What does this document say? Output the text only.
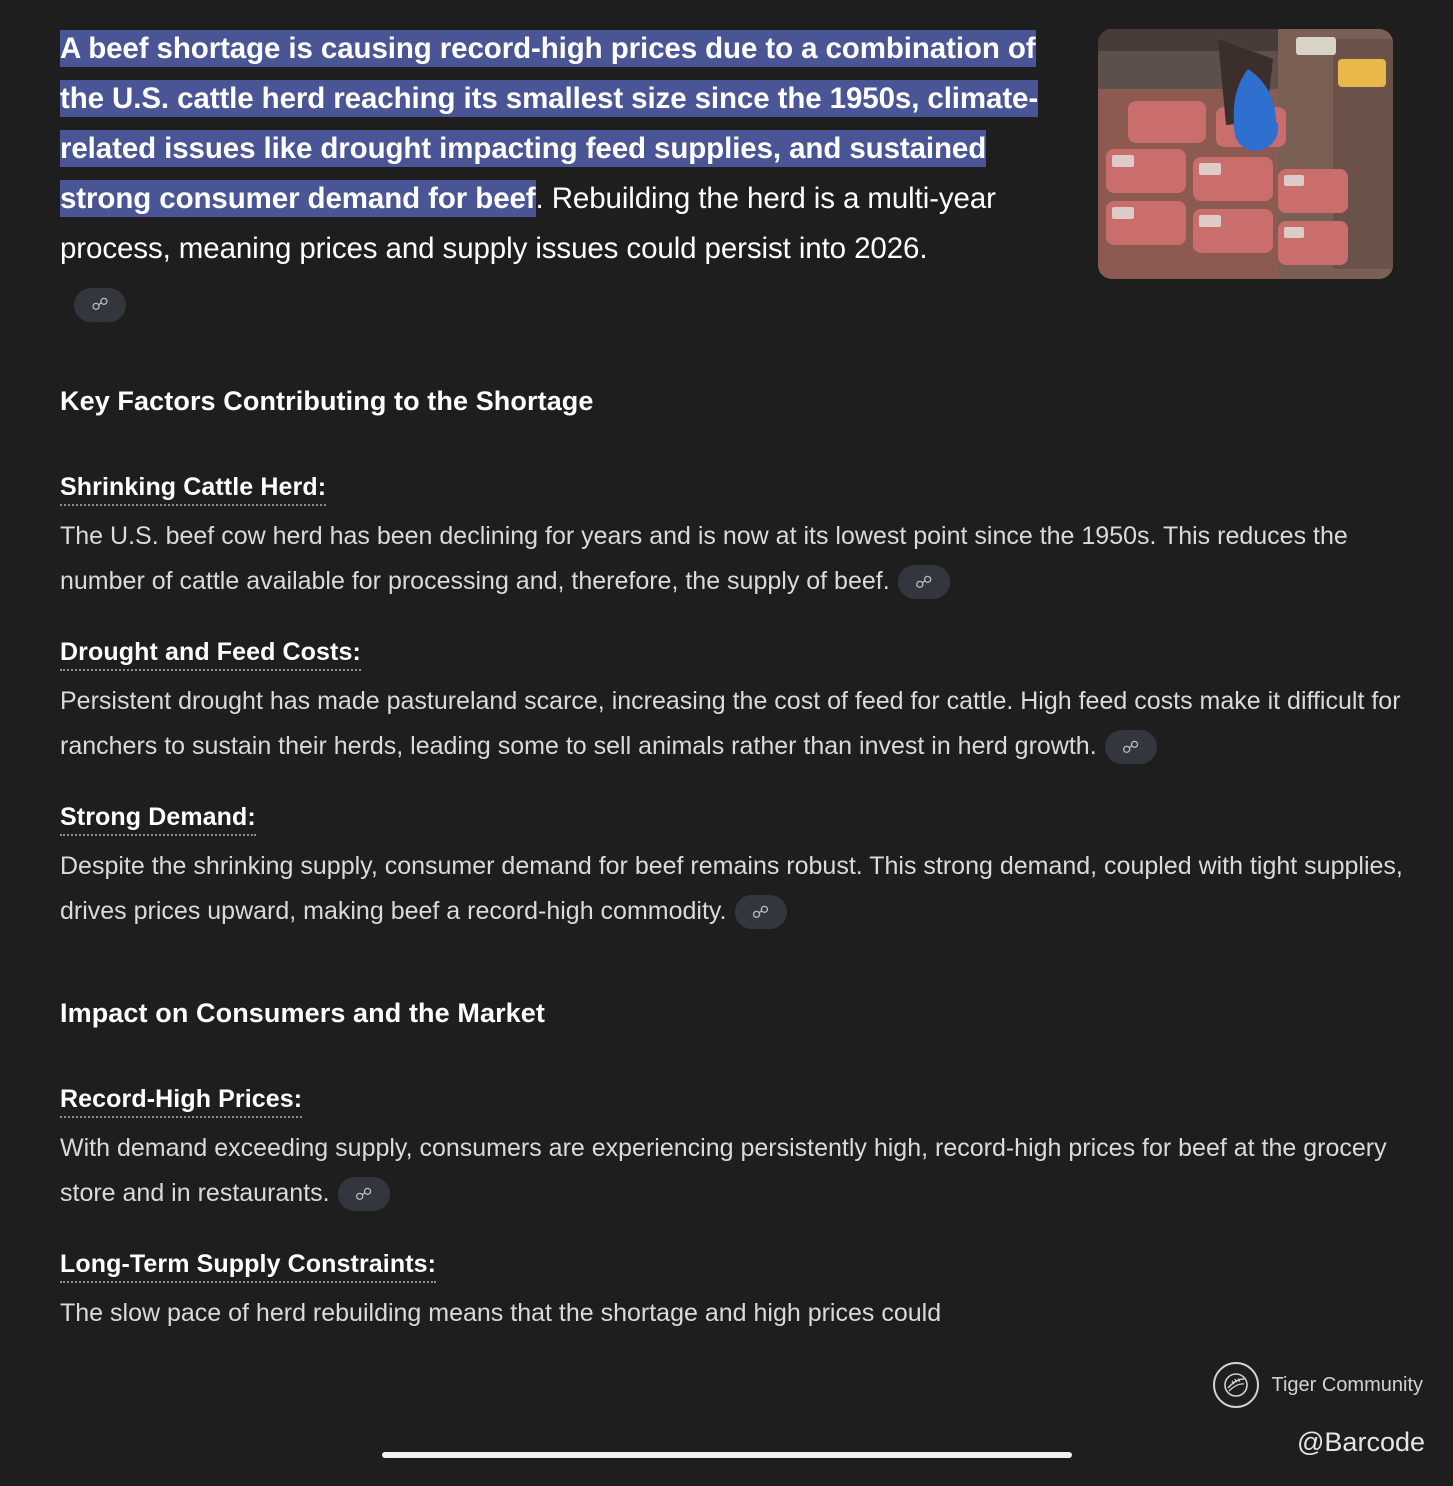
A beef shortage is causing record-high prices due to a combination of the U.S. cattle herd reaching its smallest size since the 1950s, climate-related issues like drought impacting feed supplies, and sustained strong consumer demand for beef. Rebuilding the herd is a multi-year process, meaning prices and supply issues could persist into 2026.
☍
Key Factors Contributing to the Shortage
Shrinking Cattle Herd:

The U.S. beef cow herd has been declining for years and is now at its lowest point since the 1950s. This reduces the number of cattle available for processing and, therefore, the supply of beef. ☍

Drought and Feed Costs:

Persistent drought has made pastureland scarce, increasing the cost of feed for cattle. High feed costs make it difficult for ranchers to sustain their herds, leading some to sell animals rather than invest in herd growth. ☍

Strong Demand:

Despite the shrinking supply, consumer demand for beef remains robust. This strong demand, coupled with tight supplies, drives prices upward, making beef a record-high commodity. ☍

Impact on Consumers and the Market
Record-High Prices:

With demand exceeding supply, consumers are experiencing persistently high, record-high prices for beef at the grocery store and in restaurants. ☍

Long-Term Supply Constraints:

The slow pace of herd rebuilding means that the shortage and high prices could

Tiger Community
@Barcode
